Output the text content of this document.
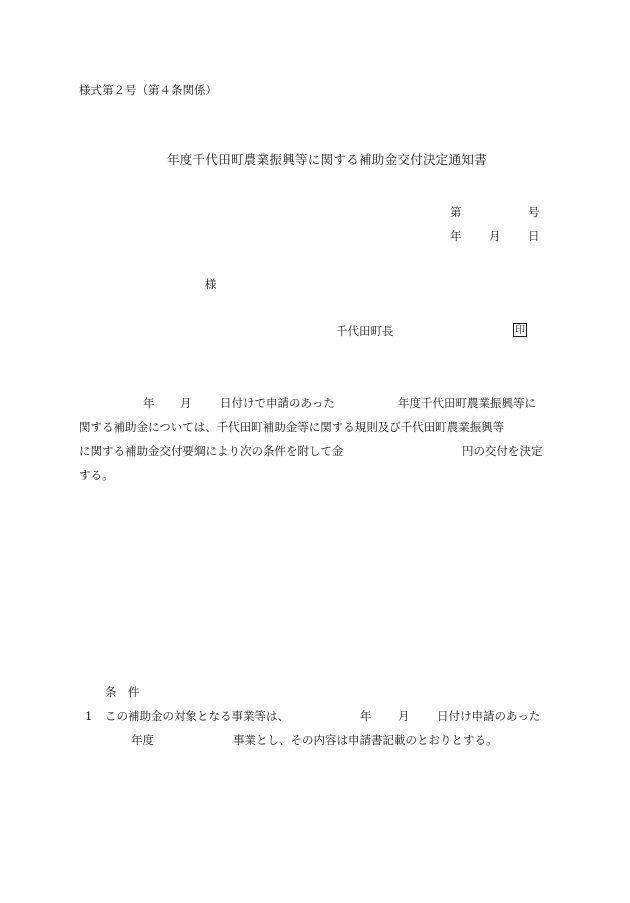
様式第２号（第４条関係）
年度千代田町農業振興等に関する補助金交付決定通知書
第	号
年 月 日
様
千代田町長	印
年 月 日付けで申請のあった	年度千代田町農業振興等に
関する補助金については、千代田町補助金等に関する規則及び千代田町農業振興等
に関する補助金交付要綱により次の条件を附して金	円の交付を決定
する。
条　件
1 この補助金の対象となる事業等は、	年 月 日付け申請のあった
年度	事業とし、その内容は申請書記載のとおりとする。
